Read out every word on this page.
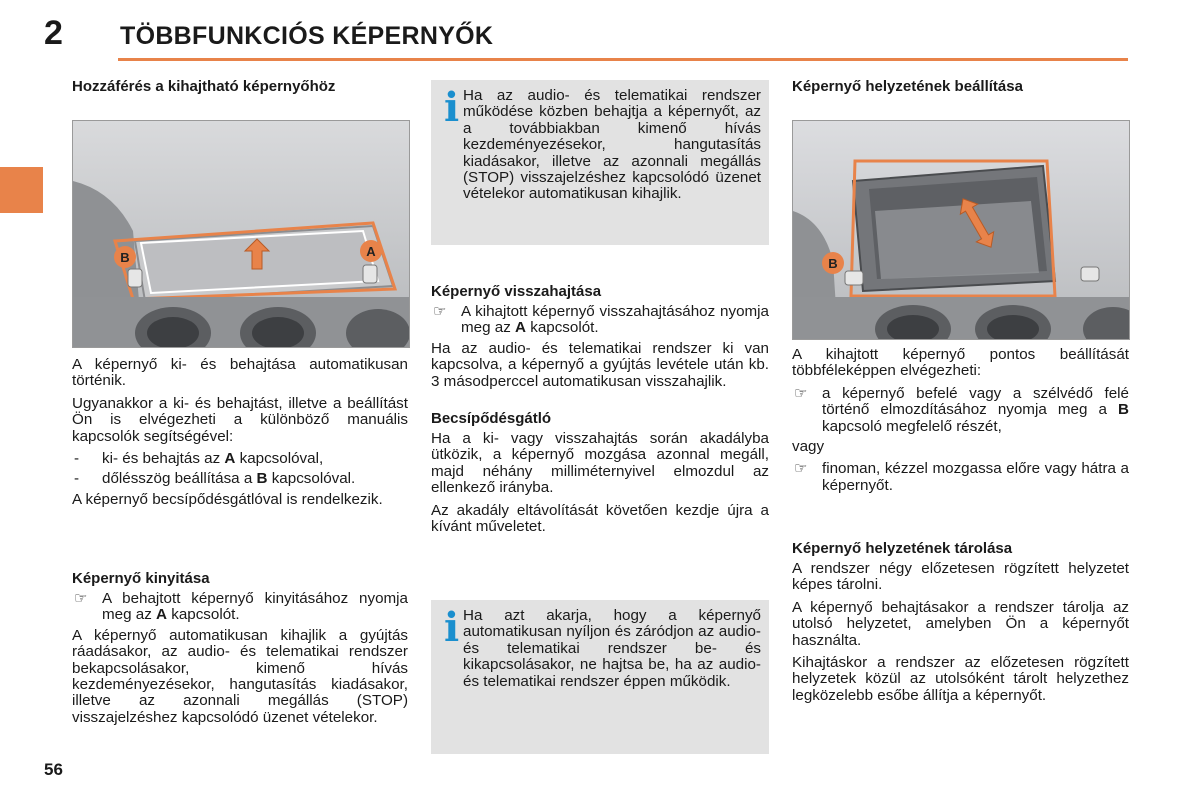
2 TÖBBFUNKCIÓS KÉPERNYŐK
Hozzáférés a kihajtható képernyőhöz
B	A

A képernyő ki- és behajtása automatikusan történik.

Ugyanakkor a ki- és behajtást, illetve a beállítást Ön is elvégezheti a különböző manuális kapcsolók segítségével:

- ki- és behajtás az A kapcsolóval,
- dőlésszög beállítása a B kapcsolóval.

A képernyő becsípődésgátlóval is rendelkezik.

Képernyő kinyitása
☞ A behajtott képernyő kinyitásához nyomja meg az A kapcsolót.

A képernyő automatikusan kihajlik a gyújtás ráadásakor, az audio- és telematikai rendszer bekapcsolásakor, kimenő hívás kezdeményezésekor, hangutasítás kiadásakor, illetve az azonnali megállás (STOP) visszajelzéshez kapcsolódó üzenet vételekor.

i Ha az audio- és telematikai rendszer működése közben behajtja a képernyőt, az a továbbiakban kimenő hívás kezdeményezésekor, hangutasítás kiadásakor, illetve az azonnali megállás (STOP) visszajelzéshez kapcsolódó üzenet vételekor automatikusan kihajlik.
Képernyő visszahajtása
☞ A kihajtott képernyő visszahajtásához nyomja meg az A kapcsolót.

Ha az audio- és telematikai rendszer ki van kapcsolva, a képernyő a gyújtás levétele után kb. 3 másodperccel automatikusan visszahajlik.

Becsípődésgátló

Ha a ki- vagy visszahajtás során akadályba ütközik, a képernyő mozgása azonnal megáll, majd néhány milliméternyivel elmozdul az ellenkező irányba.

Az akadály eltávolítását követően kezdje újra a kívánt műveletet.

i Ha azt akarja, hogy a képernyő automatikusan nyíljon és záródjon az audio- és telematikai rendszer be- és kikapcsolásakor, ne hajtsa be, ha az audio- és telematikai rendszer éppen működik.
Képernyő helyzetének beállítása
B

A kihajtott képernyő pontos beállítását többféleképpen elvégezheti:

☞ a képernyő befelé vagy a szélvédő felé történő elmozdításához nyomja meg a B kapcsoló megfelelő részét,

vagy

☞ finoman, kézzel mozgassa előre vagy hátra a képernyőt.
Képernyő helyzetének tárolása

A rendszer négy előzetesen rögzített helyzetet képes tárolni.

A képernyő behajtásakor a rendszer tárolja az utolsó helyzetet, amelyben Ön a képernyőt használta.

Kihajtáskor a rendszer az előzetesen rögzített helyzetek közül az utolsóként tárolt helyzethez legközelebb esőbe állítja a képernyőt.

56
